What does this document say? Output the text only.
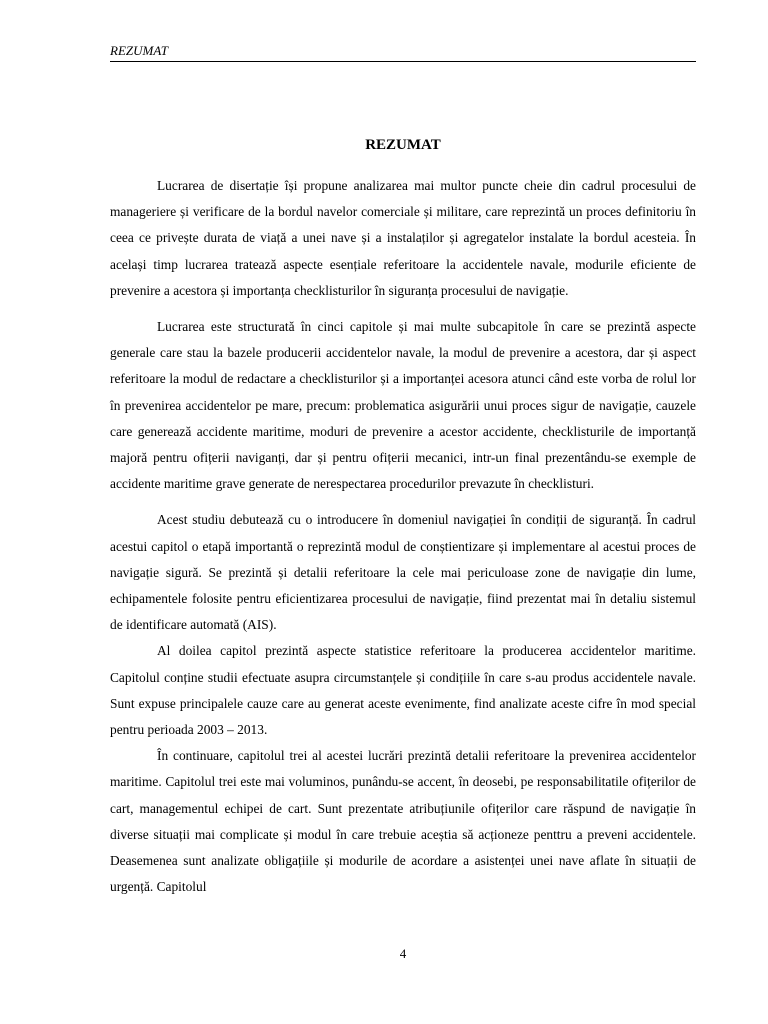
REZUMAT
REZUMAT

Lucrarea de disertație își propune analizarea mai multor puncte cheie din cadrul procesului de manageriere și verificare de la bordul navelor comerciale și militare, care reprezintă un proces definitoriu în ceea ce privește durata de viață a unei nave și a instalaților și agregatelor instalate la bordul acesteia. În același timp lucrarea tratează aspecte esențiale referitoare la accidentele navale, modurile eficiente de prevenire a acestora și importanța checklisturilor în siguranța procesului de navigație.

Lucrarea este structurată în cinci capitole și mai multe subcapitole în care se prezintă aspecte generale care stau la bazele producerii accidentelor navale, la modul de prevenire a acestora, dar și aspect referitoare la modul de redactare a checklisturilor și a importanței acesora atunci când este vorba de rolul lor în prevenirea accidentelor pe mare, precum: problematica asigurării unui proces sigur de navigație, cauzele care generează accidente maritime, moduri de prevenire a acestor accidente, checklisturile de importanță majoră pentru ofițerii naviganți, dar și pentru ofițerii mecanici, intr-un final prezentându-se exemple de accidente maritime grave generate de nerespectarea procedurilor prevazute în checklisturi.

Acest studiu debutează cu o introducere în domeniul navigației în condiții de siguranță. În cadrul acestui capitol o etapă importantă o reprezintă modul de conștientizare și implementare al acestui proces de navigație sigură. Se prezintă și detalii referitoare la cele mai periculoase zone de navigație din lume, echipamentele folosite pentru eficientizarea procesului de navigație, fiind prezentat mai în detaliu sistemul de identificare automată (AIS).

Al doilea capitol prezintă aspecte statistice referitoare la producerea accidentelor maritime. Capitolul conține studii efectuate asupra circumstanțele și condițiile în care s-au produs accidentele navale. Sunt expuse principalele cauze care au generat aceste evenimente, find analizate aceste cifre în mod special pentru perioada 2003 – 2013.

În continuare, capitolul trei al acestei lucrări prezintă detalii referitoare la prevenirea accidentelor maritime. Capitolul trei este mai voluminos, punându-se accent, în deosebi, pe responsabilitatile ofițerilor de cart, managementul echipei de cart. Sunt prezentate atribuțiunile ofițerilor care răspund de navigație în diverse situații mai complicate și modul în care trebuie aceștia să acționeze penttru a preveni accidentele. Deasemenea sunt analizate obligațiile și modurile de acordare a asistenței unei nave aflate în situații de urgență. Capitolul

4
